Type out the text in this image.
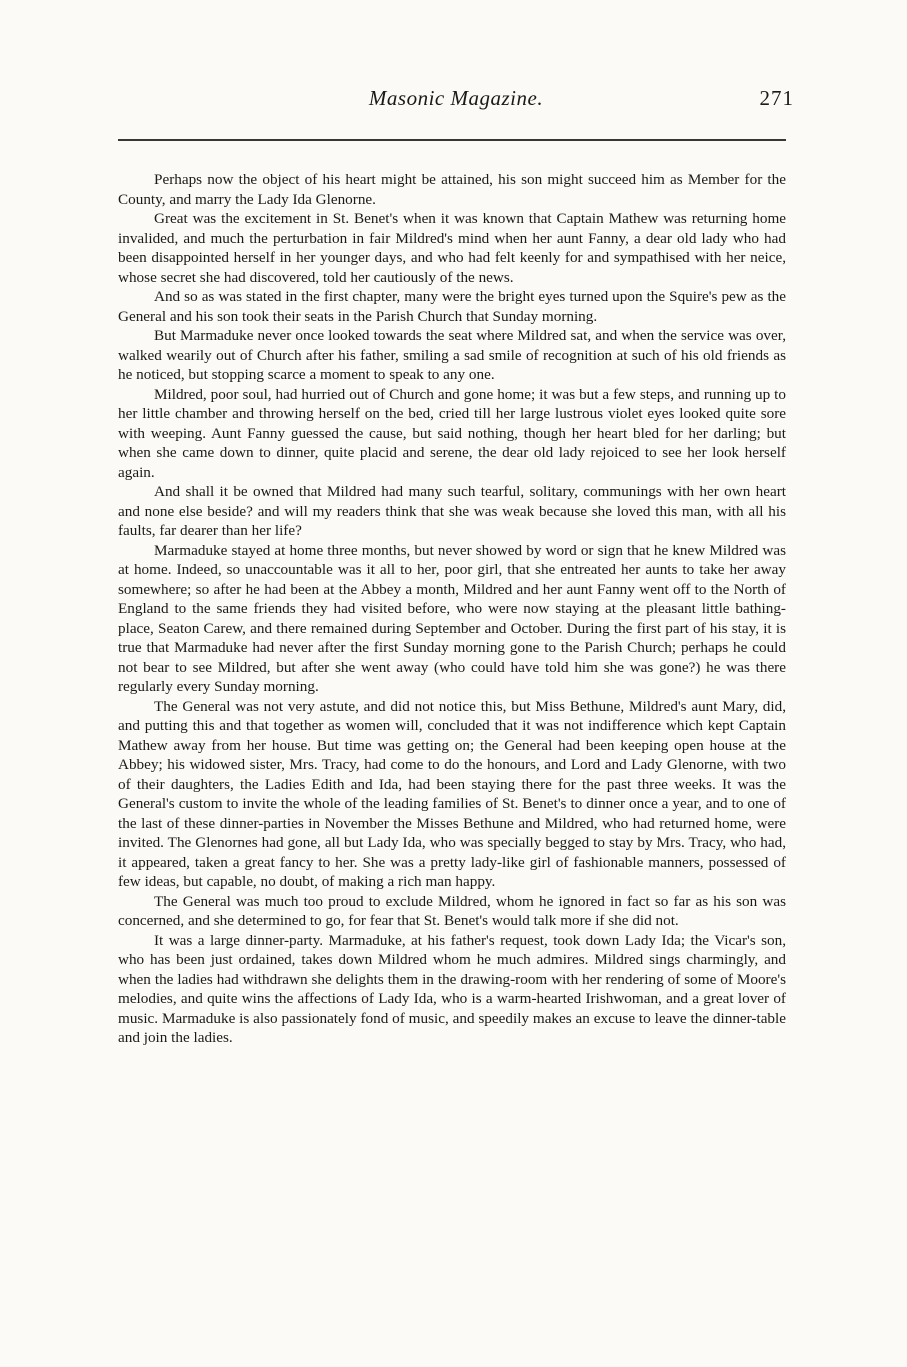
Masonic Magazine.	271

Perhaps now the object of his heart might be attained, his son might succeed him as Member for the County, and marry the Lady Ida Glenorne.

Great was the excitement in St. Benet's when it was known that Captain Mathew was returning home invalided, and much the perturbation in fair Mildred's mind when her aunt Fanny, a dear old lady who had been disappointed herself in her younger days, and who had felt keenly for and sympathised with her neice, whose secret she had discovered, told her cautiously of the news.

And so as was stated in the first chapter, many were the bright eyes turned upon the Squire's pew as the General and his son took their seats in the Parish Church that Sunday morning.

But Marmaduke never once looked towards the seat where Mildred sat, and when the service was over, walked wearily out of Church after his father, smiling a sad smile of recognition at such of his old friends as he noticed, but stopping scarce a moment to speak to any one.

Mildred, poor soul, had hurried out of Church and gone home; it was but a few steps, and running up to her little chamber and throwing herself on the bed, cried till her large lustrous violet eyes looked quite sore with weeping. Aunt Fanny guessed the cause, but said nothing, though her heart bled for her darling; but when she came down to dinner, quite placid and serene, the dear old lady rejoiced to see her look herself again.

And shall it be owned that Mildred had many such tearful, solitary, communings with her own heart and none else beside? and will my readers think that she was weak because she loved this man, with all his faults, far dearer than her life?

Marmaduke stayed at home three months, but never showed by word or sign that he knew Mildred was at home. Indeed, so unaccountable was it all to her, poor girl, that she entreated her aunts to take her away somewhere; so after he had been at the Abbey a month, Mildred and her aunt Fanny went off to the North of England to the same friends they had visited before, who were now staying at the pleasant little bathing-place, Seaton Carew, and there remained during September and October. During the first part of his stay, it is true that Marmaduke had never after the first Sunday morning gone to the Parish Church; perhaps he could not bear to see Mildred, but after she went away (who could have told him she was gone?) he was there regularly every Sunday morning.

The General was not very astute, and did not notice this, but Miss Bethune, Mildred's aunt Mary, did, and putting this and that together as women will, concluded that it was not indifference which kept Captain Mathew away from her house. But time was getting on; the General had been keeping open house at the Abbey; his widowed sister, Mrs. Tracy, had come to do the honours, and Lord and Lady Glenorne, with two of their daughters, the Ladies Edith and Ida, had been staying there for the past three weeks. It was the General's custom to invite the whole of the leading families of St. Benet's to dinner once a year, and to one of the last of these dinner-parties in November the Misses Bethune and Mildred, who had returned home, were invited. The Glenornes had gone, all but Lady Ida, who was specially begged to stay by Mrs. Tracy, who had, it appeared, taken a great fancy to her. She was a pretty lady-like girl of fashionable manners, possessed of few ideas, but capable, no doubt, of making a rich man happy.

The General was much too proud to exclude Mildred, whom he ignored in fact so far as his son was concerned, and she determined to go, for fear that St. Benet's would talk more if she did not.

It was a large dinner-party. Marmaduke, at his father's request, took down Lady Ida; the Vicar's son, who has been just ordained, takes down Mildred whom he much admires. Mildred sings charmingly, and when the ladies had withdrawn she delights them in the drawing-room with her rendering of some of Moore's melodies, and quite wins the affections of Lady Ida, who is a warm-hearted Irishwoman, and a great lover of music. Marmaduke is also passionately fond of music, and speedily makes an excuse to leave the dinner-table and join the ladies.
